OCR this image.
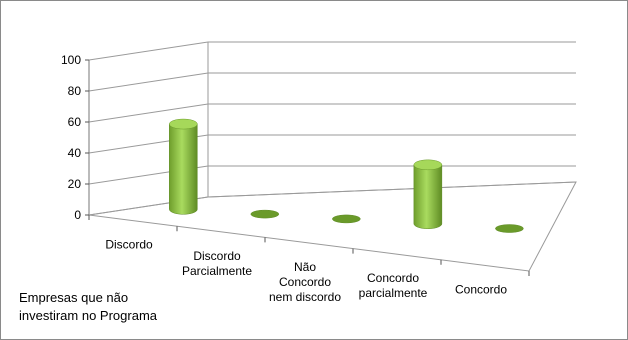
0
20
40
60
80
100
Discordo
Discordo
Parcialmente	Não
Concordo
nem discordo
Concordo
parcialmente Concordo
Empresas que não
investiram no Programa
